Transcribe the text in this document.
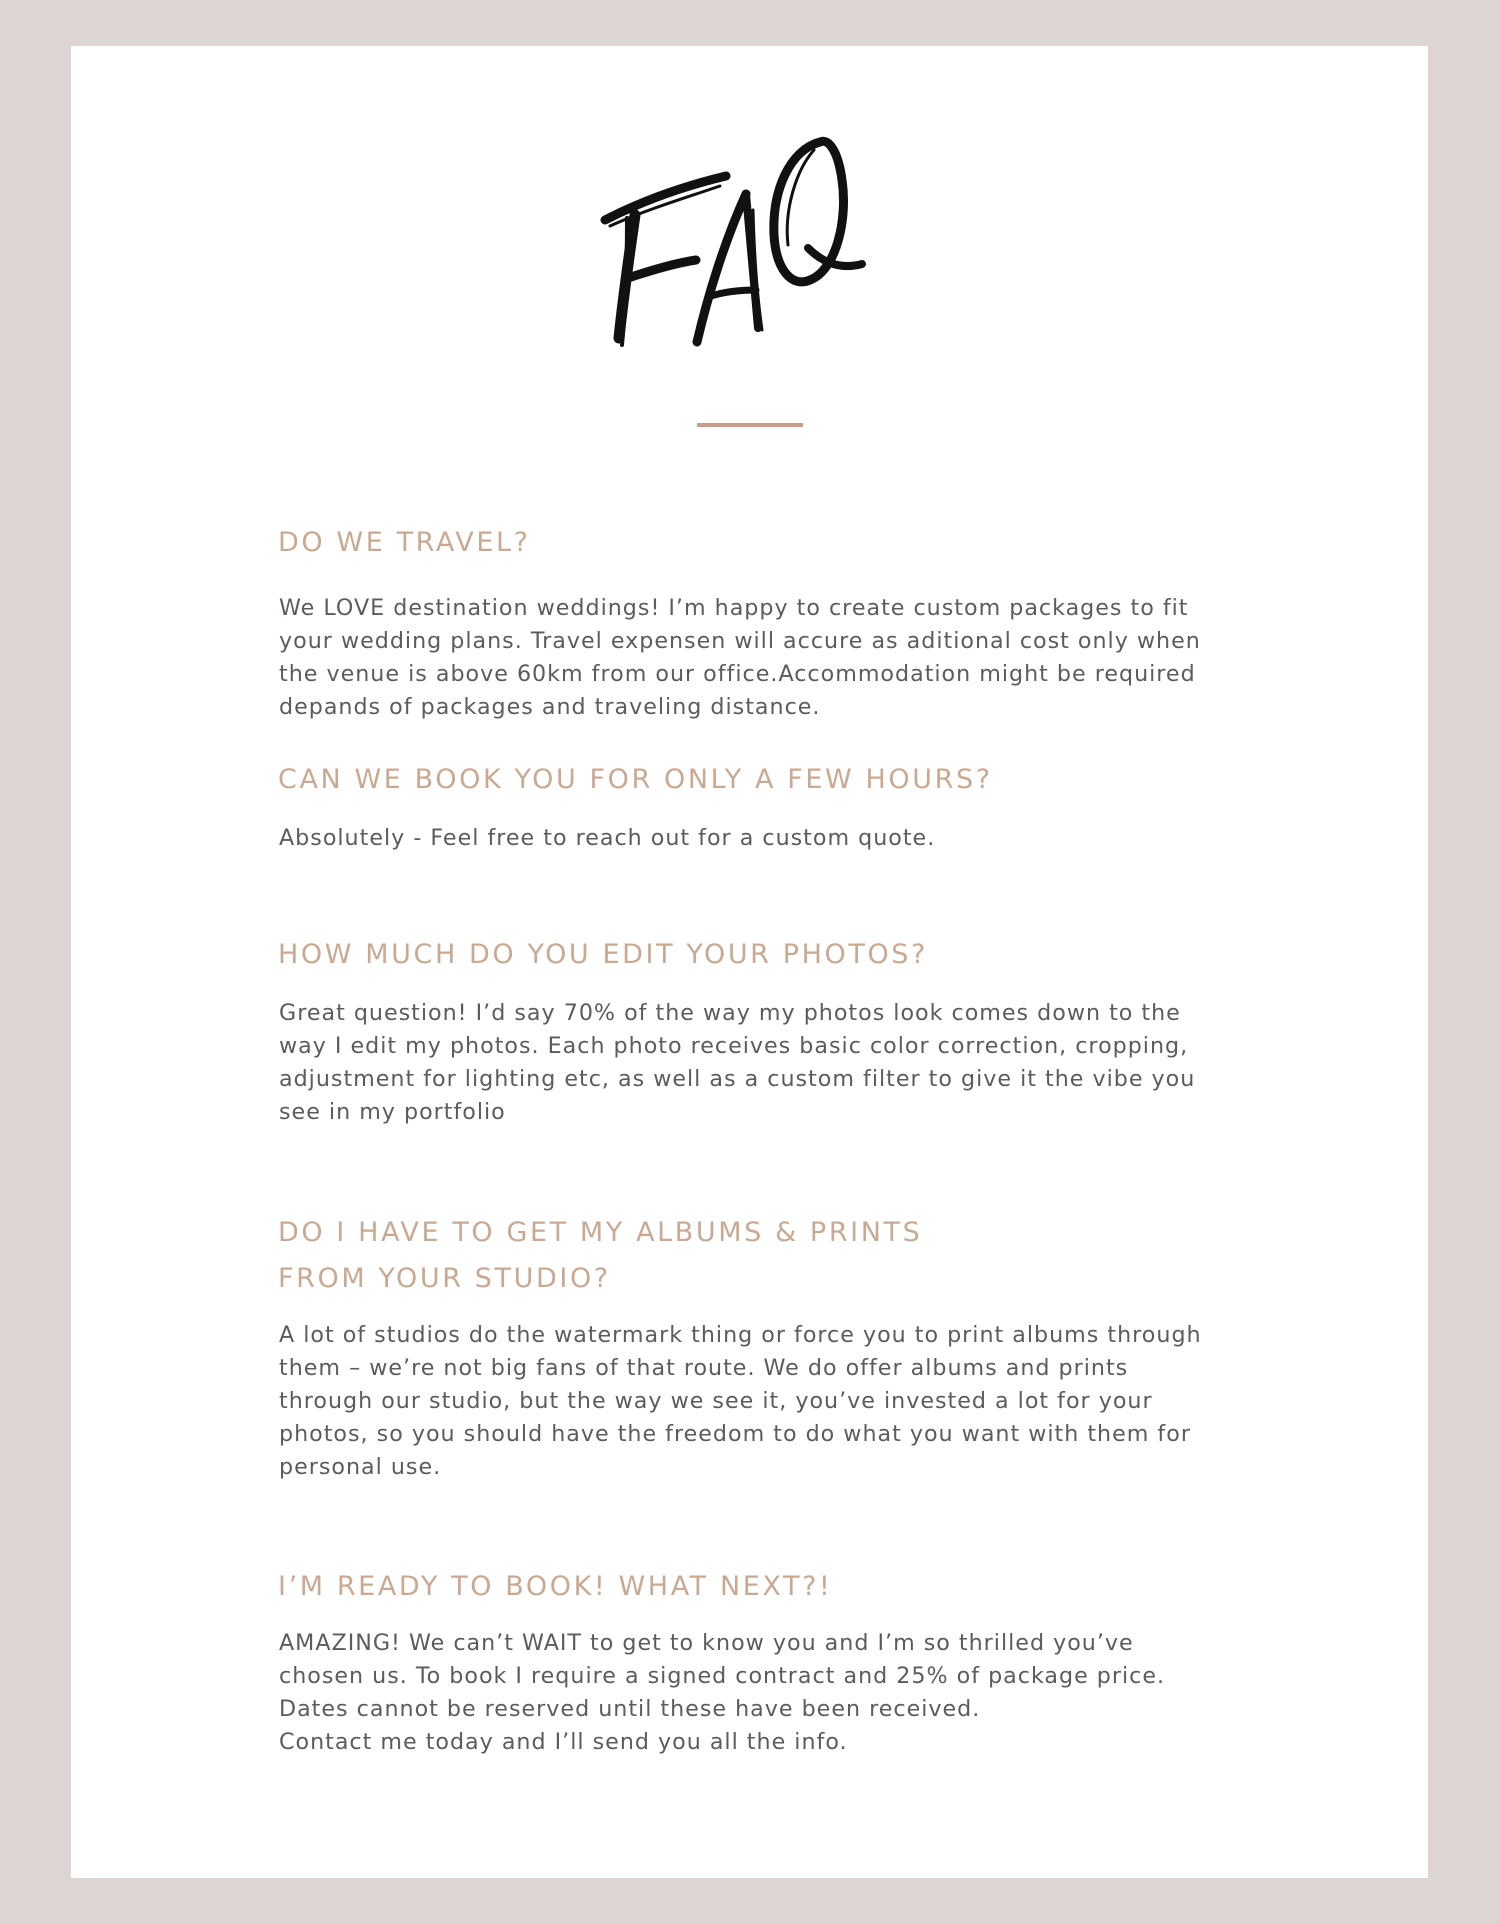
DO WE TRAVEL?

We LOVE destination weddings! I’m happy to create custom packages to fit
your wedding plans. Travel expensen will accure as aditional cost only when
the venue is above 60km from our office.Accommodation might be required
depands of packages and traveling distance.

CAN WE BOOK YOU FOR ONLY A FEW HOURS?

Absolutely - Feel free to reach out for a custom quote.

HOW MUCH DO YOU EDIT YOUR PHOTOS?

Great question! I’d say 70% of the way my photos look comes down to the
way I edit my photos. Each photo receives basic color correction, cropping,
adjustment for lighting etc, as well as a custom filter to give it the vibe you
see in my portfolio

DO I HAVE TO GET MY ALBUMS & PRINTS
FROM YOUR STUDIO?

A lot of studios do the watermark thing or force you to print albums through
them – we’re not big fans of that route. We do offer albums and prints
through our studio, but the way we see it, you’ve invested a lot for your
photos, so you should have the freedom to do what you want with them for
personal use.

I’M READY TO BOOK! WHAT NEXT?!

AMAZING! We can’t WAIT to get to know you and I’m so thrilled you’ve
chosen us. To book I require a signed contract and 25% of package price.
Dates cannot be reserved until these have been received.
Contact me today and I’ll send you all the info.
